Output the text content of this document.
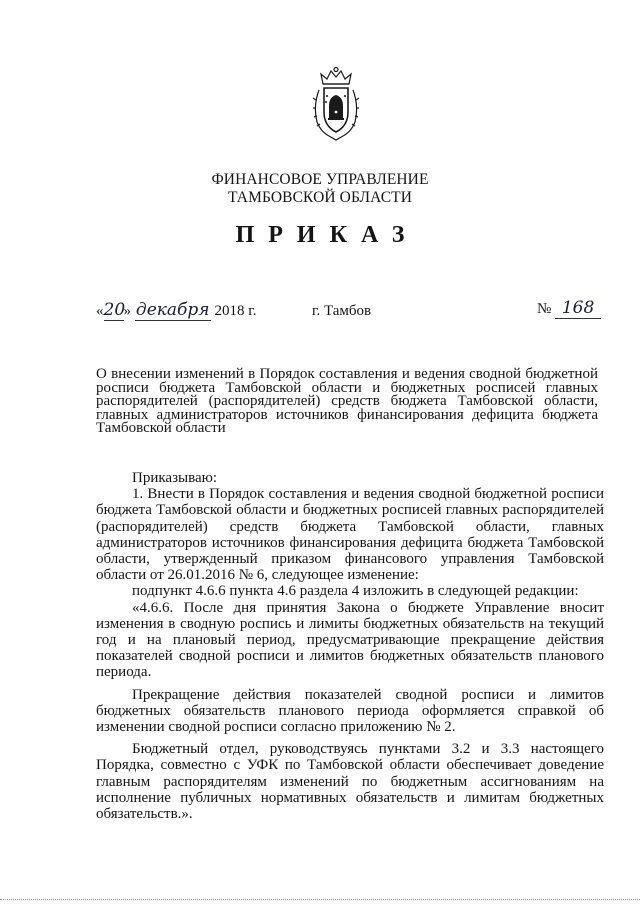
ФИНАНСОВОЕ УПРАВЛЕНИЕ
ТАМБОВСКОЙ ОБЛАСТИ
ПРИКАЗ
«20» декабря 2018 г.	г. Тамбов	№ 168
О внесении изменений в Порядок составления и ведения сводной бюджетной росписи бюджета Тамбовской области и бюджетных росписей главных распорядителей (распорядителей) средств бюджета Тамбовской области, главных администраторов источников финансирования дефицита бюджета Тамбовской области

Приказываю:

1. Внести в Порядок составления и ведения сводной бюджетной росписи бюджета Тамбовской области и бюджетных росписей главных распорядителей (распорядителей) средств бюджета Тамбовской области, главных администраторов источников финансирования дефицита бюджета Тамбовской области, утвержденный приказом финансового управления Тамбовской области от 26.01.2016 № 6, следующее изменение:

подпункт 4.6.6 пункта 4.6 раздела 4 изложить в следующей редакции:

«4.6.6. После дня принятия Закона о бюджете Управление вносит изменения в сводную роспись и лимиты бюджетных обязательств на текущий год и на плановый период, предусматривающие прекращение действия показателей сводной росписи и лимитов бюджетных обязательств планового периода.

Прекращение действия показателей сводной росписи и лимитов бюджетных обязательств планового периода оформляется справкой об изменении сводной росписи согласно приложению № 2.

Бюджетный отдел, руководствуясь пунктами 3.2 и 3.3 настоящего Порядка, совместно с УФК по Тамбовской области обеспечивает доведение главным распорядителям изменений по бюджетным ассигнованиям на исполнение публичных нормативных обязательств и лимитам бюджетных обязательств.».
